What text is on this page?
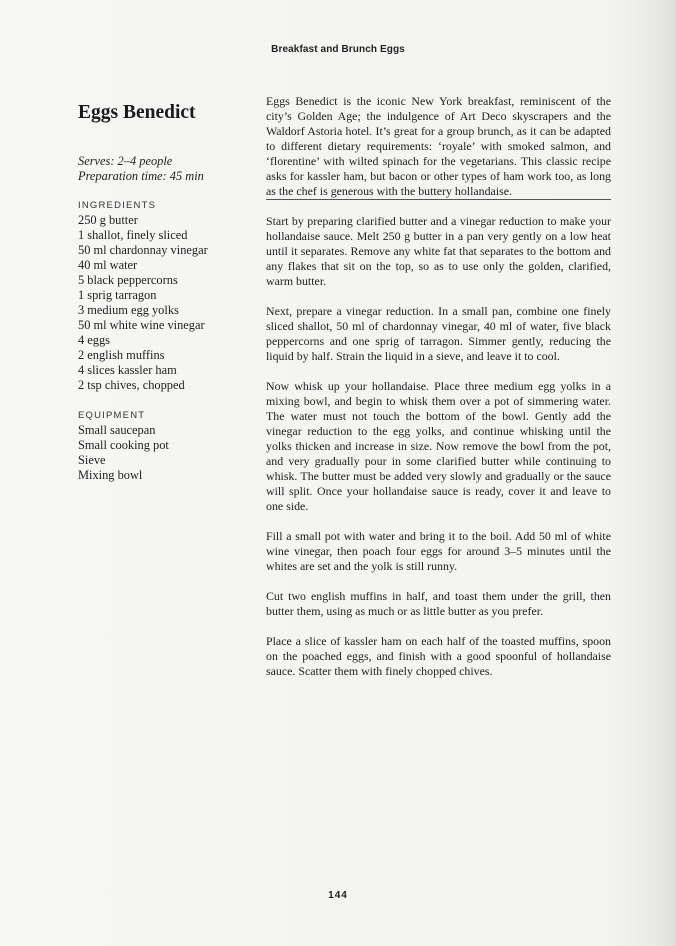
Breakfast and Brunch Eggs
Eggs Benedict
Serves: 2–4 people
Preparation time: 45 min
INGREDIENTS
250 g butter
1 shallot, finely sliced
50 ml chardonnay vinegar
40 ml water
5 black peppercorns
1 sprig tarragon
3 medium egg yolks
50 ml white wine vinegar
4 eggs
2 english muffins
4 slices kassler ham
2 tsp chives, chopped
EQUIPMENT
Small saucepan
Small cooking pot
Sieve
Mixing bowl

Eggs Benedict is the iconic New York breakfast, reminiscent of the city’s Golden Age; the indulgence of Art Deco skyscrapers and the Waldorf Astoria hotel. It’s great for a group brunch, as it can be adapted to different dietary requirements: ‘royale’ with smoked salmon, and ‘florentine’ with wilted spinach for the vegetarians. This classic recipe asks for kassler ham, but bacon or other types of ham work too, as long as the chef is generous with the buttery hollandaise.

Start by preparing clarified butter and a vinegar reduction to make your hollandaise sauce. Melt 250 g butter in a pan very gently on a low heat until it separates. Remove any white fat that separates to the bottom and any flakes that sit on the top, so as to use only the golden, clarified, warm butter.

Next, prepare a vinegar reduction. In a small pan, combine one finely sliced shallot, 50 ml of chardonnay vinegar, 40 ml of water, five black peppercorns and one sprig of tarragon. Simmer gently, reducing the liquid by half. Strain the liquid in a sieve, and leave it to cool.

Now whisk up your hollandaise. Place three medium egg yolks in a mixing bowl, and begin to whisk them over a pot of simmering water. The water must not touch the bottom of the bowl. Gently add the vinegar reduction to the egg yolks, and continue whisking until the yolks thicken and increase in size. Now remove the bowl from the pot, and very gradually pour in some clarified butter while continuing to whisk. The butter must be added very slowly and gradually or the sauce will split. Once your hollandaise sauce is ready, cover it and leave to one side.

Fill a small pot with water and bring it to the boil. Add 50 ml of white wine vinegar, then poach four eggs for around 3–5 minutes until the whites are set and the yolk is still runny.

Cut two english muffins in half, and toast them under the grill, then butter them, using as much or as little butter as you prefer.

Place a slice of kassler ham on each half of the toasted muffins, spoon on the poached eggs, and finish with a good spoonful of hollandaise sauce. Scatter them with finely chopped chives.

144
